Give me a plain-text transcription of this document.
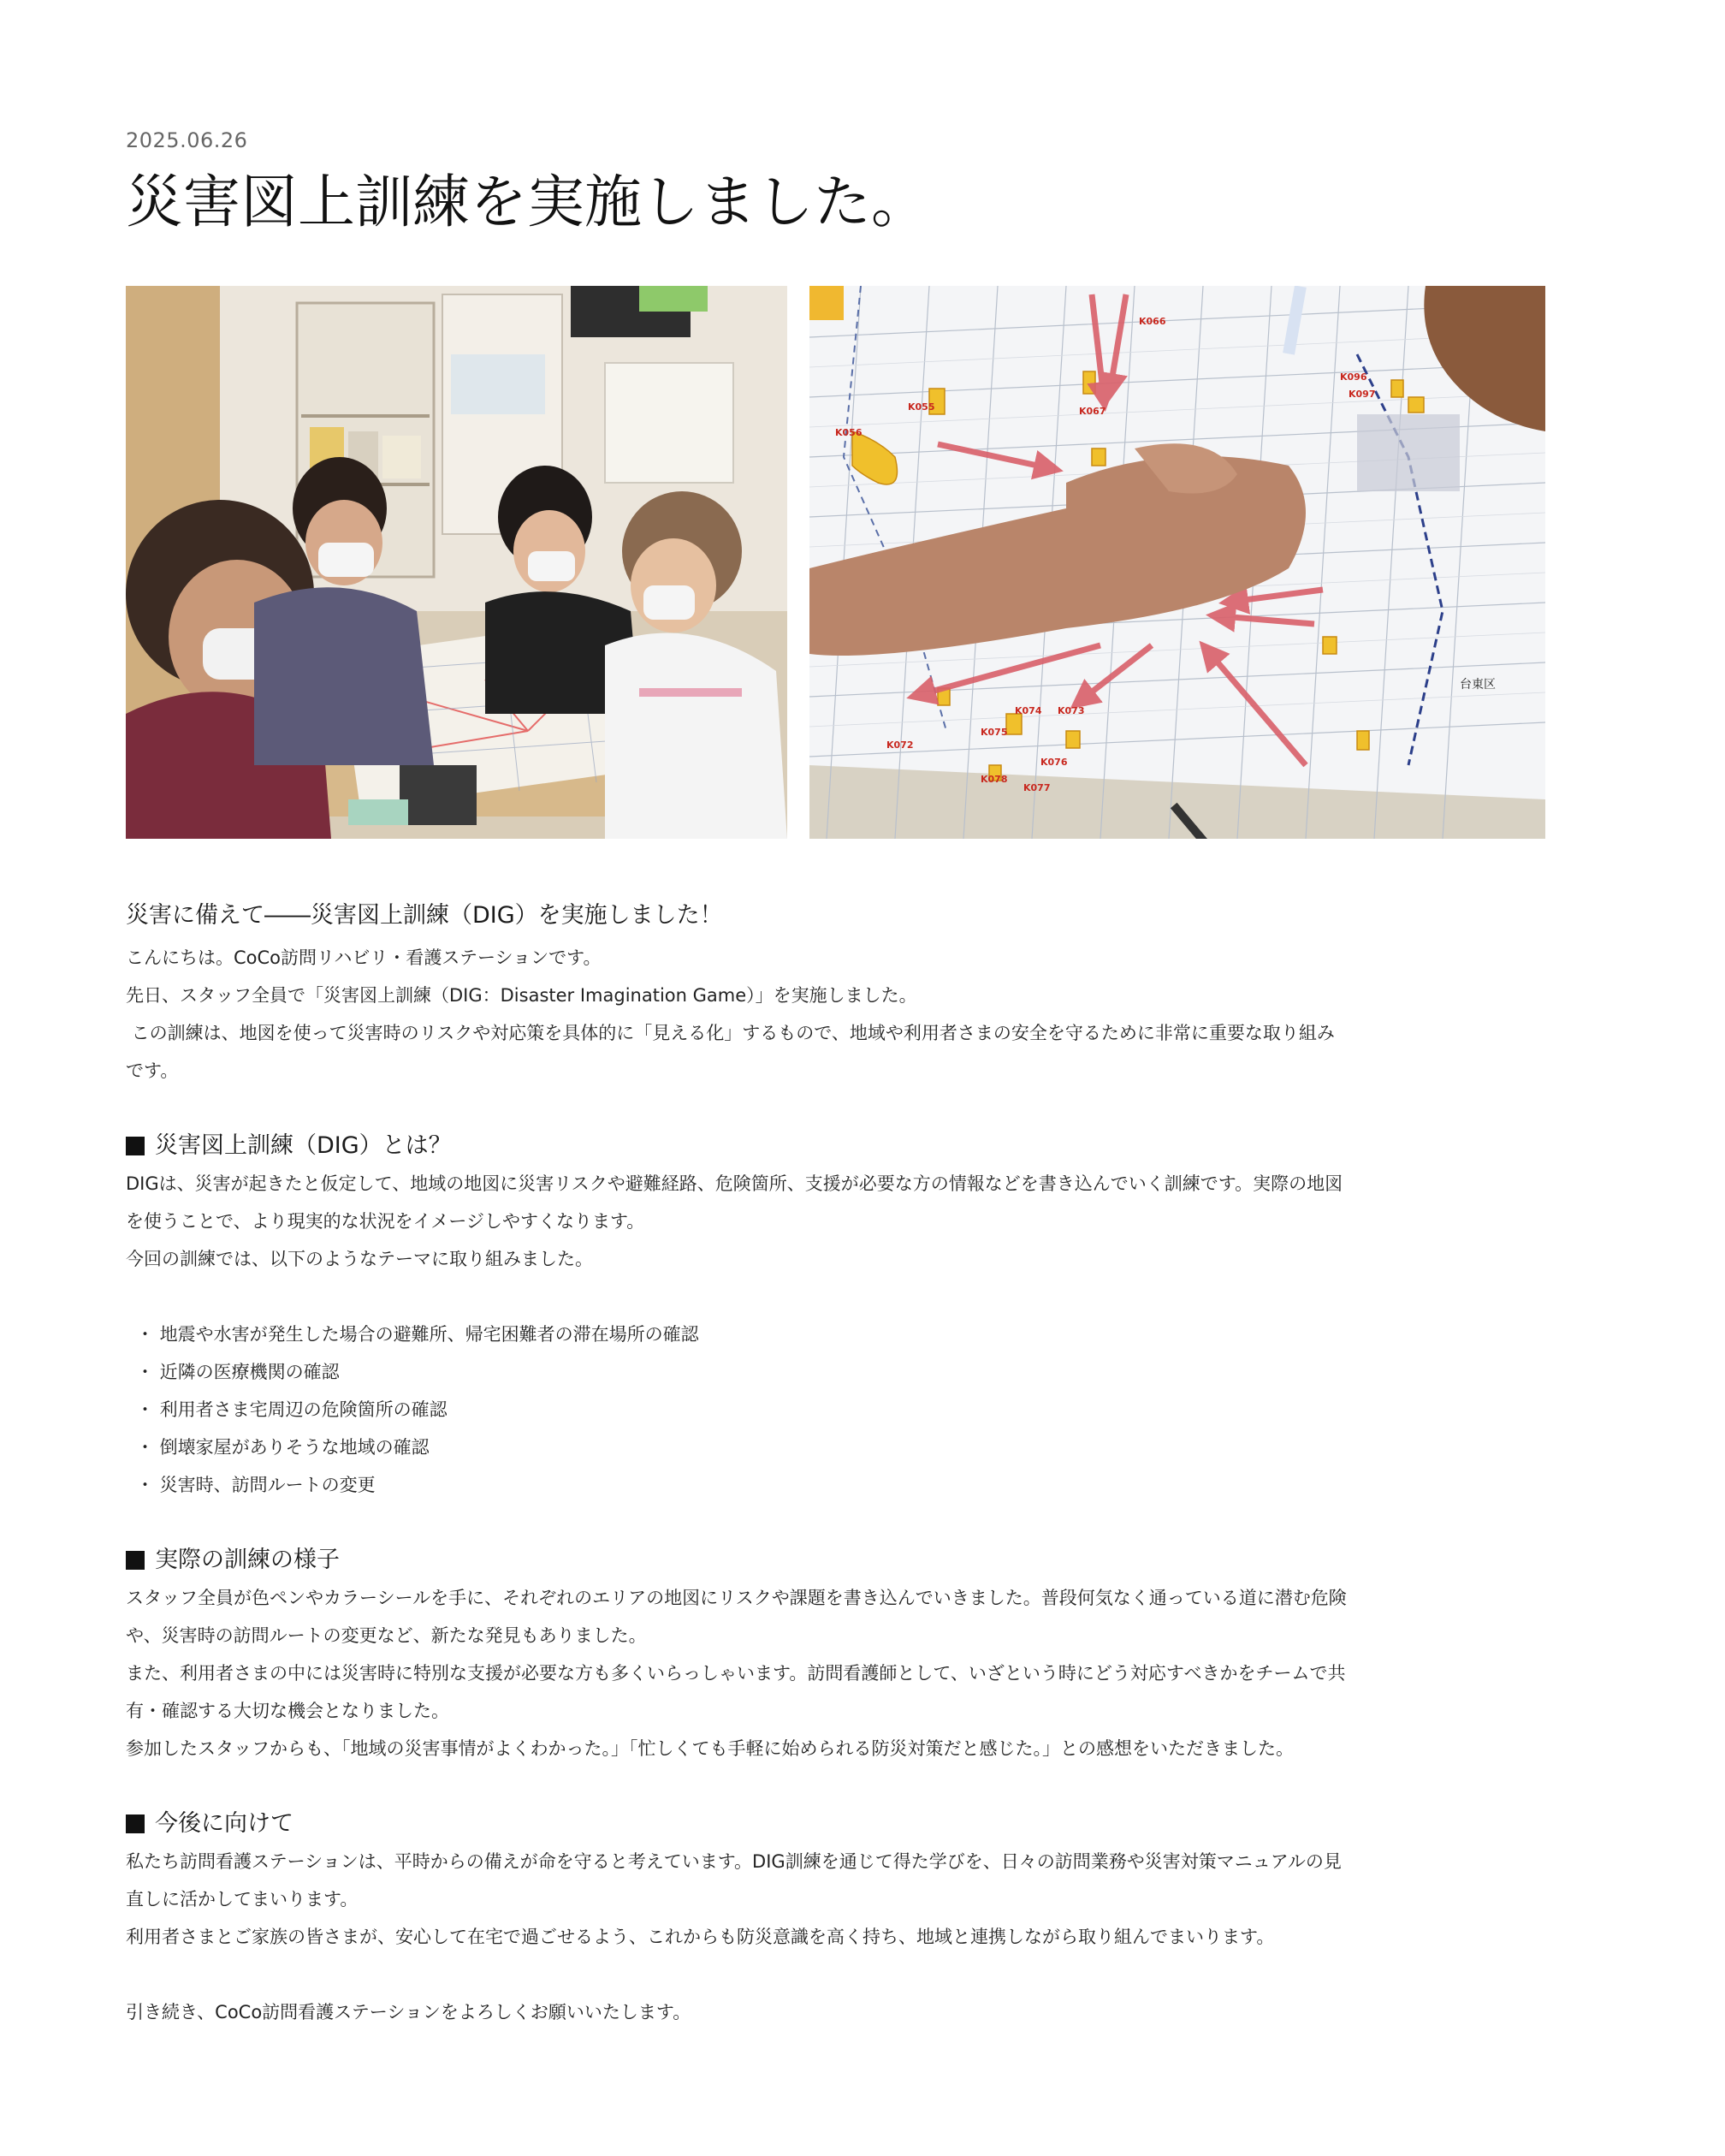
2025.06.26
災害図上訓練を実施しました。
K055
K056
K066
K067
K072
K073
K074
K075
K076
K077
K078
K096
K097
台東区
災害に備えて――災害図上訓練（DIG）を実施しました！

こんにちは。CoCo訪問リハビリ・看護ステーションです。

先日、スタッフ全員で「災害図上訓練（DIG：Disaster Imagination Game）」を実施しました。

この訓練は、地図を使って災害時のリスクや対応策を具体的に「見える化」するもので、地域や利用者さまの安全を守るために非常に重要な取り組み

です。

災害図上訓練（DIG）とは？

DIGは、災害が起きたと仮定して、地域の地図に災害リスクや避難経路、危険箇所、支援が必要な方の情報などを書き込んでいく訓練です。実際の地図

を使うことで、より現実的な状況をイメージしやすくなります。

今回の訓練では、以下のようなテーマに取り組みました。

・ 地震や水害が発生した場合の避難所、帰宅困難者の滞在場所の確認

・ 近隣の医療機関の確認

・ 利用者さま宅周辺の危険箇所の確認

・ 倒壊家屋がありそうな地域の確認

・ 災害時、訪問ルートの変更

実際の訓練の様子

スタッフ全員が色ペンやカラーシールを手に、それぞれのエリアの地図にリスクや課題を書き込んでいきました。普段何気なく通っている道に潜む危険

や、災害時の訪問ルートの変更など、新たな発見もありました。

また、利用者さまの中には災害時に特別な支援が必要な方も多くいらっしゃいます。訪問看護師として、いざという時にどう対応すべきかをチームで共

有・確認する大切な機会となりました。

参加したスタッフからも、「地域の災害事情がよくわかった。」「忙しくても手軽に始められる防災対策だと感じた。」との感想をいただきました。

今後に向けて

私たち訪問看護ステーションは、平時からの備えが命を守ると考えています。DIG訓練を通じて得た学びを、日々の訪問業務や災害対策マニュアルの見

直しに活かしてまいります。

利用者さまとご家族の皆さまが、安心して在宅で過ごせるよう、これからも防災意識を高く持ち、地域と連携しながら取り組んでまいります。

引き続き、CoCo訪問看護ステーションをよろしくお願いいたします。
